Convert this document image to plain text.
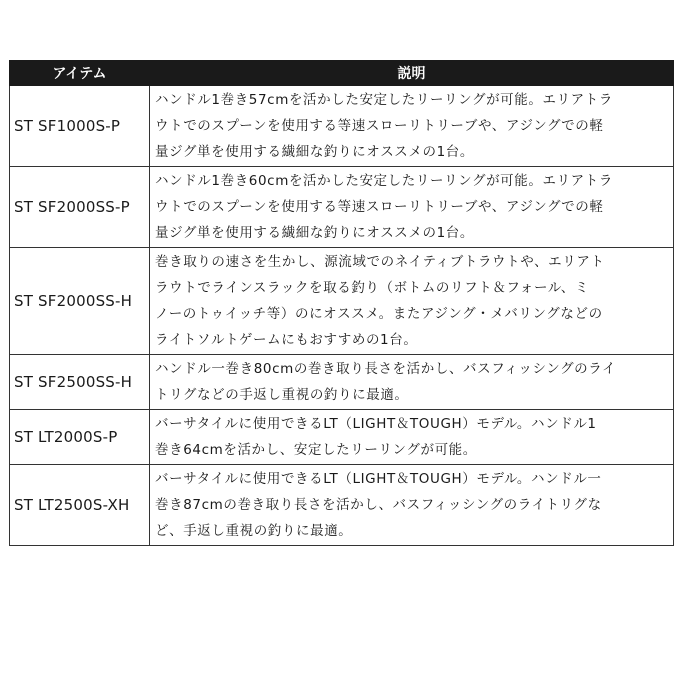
アイテム	説明
ST SF1000S-P	ハンドル1巻き57cmを活かした安定したリーリングが可能。エリアトラ
ウトでのスプーンを使用する等速スローリトリーブや、アジングでの軽
量ジグ単を使用する繊細な釣りにオススメの1台。

ST SF2000SS-P	ハンドル1巻き60cmを活かした安定したリーリングが可能。エリアトラ
ウトでのスプーンを使用する等速スローリトリーブや、アジングでの軽
量ジグ単を使用する繊細な釣りにオススメの1台。

ST SF2000SS-H	巻き取りの速さを生かし、源流域でのネイティブトラウトや、エリアト
ラウトでラインスラックを取る釣り（ボトムのリフト＆フォール、ミ
ノーのトゥイッチ等）のにオススメ。またアジング・メバリングなどの
ライトソルトゲームにもおすすめの1台。

ST SF2500SS-H	ハンドル一巻き80cmの巻き取り長さを活かし、バスフィッシングのライ
トリグなどの手返し重視の釣りに最適。

ST LT2000S-P	バーサタイルに使用できるLT（LIGHT＆TOUGH）モデル。ハンドル1
巻き64cmを活かし、安定したリーリングが可能。

ST LT2500S-XH	バーサタイルに使用できるLT（LIGHT＆TOUGH）モデル。ハンドル一
巻き87cmの巻き取り長さを活かし、バスフィッシングのライトリグな
ど、手返し重視の釣りに最適。
